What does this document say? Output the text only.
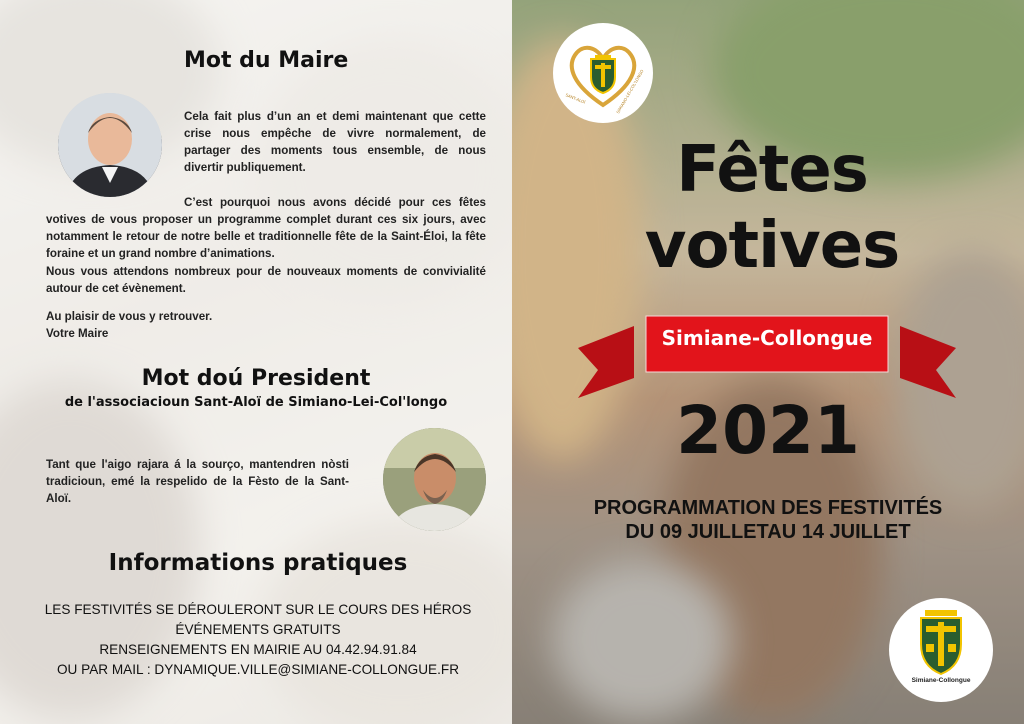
Mot du Maire

Cela fait plus d’un an et demi maintenant que cette crise nous empêche de vivre normalement, de partager des moments tous ensemble, de nous divertir publiquement.

C’est pourquoi nous avons décidé pour ces fêtes votives de vous proposer un programme complet durant ces six jours, avec notamment le retour de notre belle et traditionnelle fête de la Saint-Éloi, la fête foraine et un grand nombre d’animations.

Nous vous attendons nombreux pour de nouveaux moments de convivialité autour de cet évènement.

Au plaisir de vous y retrouver.
Votre Maire
Mot doú President
de l'associacioun Sant-Aloï de Simiano-Lei-Col'longo

Tant que l'aigo rajara á la sourço, mantendren nòsti tradicioun, emé la respelido de la Fèsto de la Sant-Aloï.

Informations pratiques
LES FESTIVITÉS SE DÉROULERONT SUR LE COURS DES HÉROS
ÉVÉNEMENTS GRATUITS
RENSEIGNEMENTS EN MAIRIE AU 04.42.94.91.84
OU PAR MAIL : DYNAMIQUE.VILLE@SIMIANE-COLLONGUE.FR
SANT-ALOÏ	SIMIANO-LEI-COL'LONGO
Fêtes
votives
Simiane-Collongue
2021
PROGRAMMATION DES FESTIVITÉS
DU 09 JUILLETAU 14 JUILLET
Simiane-Collongue
